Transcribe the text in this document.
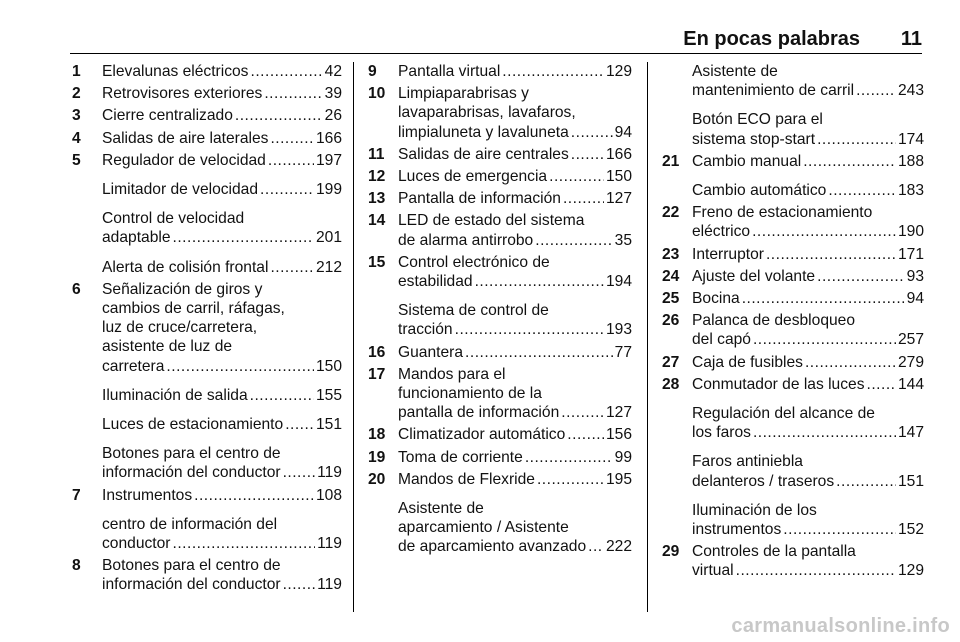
En pocas palabras 11
1 Elevalunas eléctricos .....	42
2 Retrovisores exteriores .....	39
3 Cierre centralizado .....	26
4 Salidas de aire laterales .....	166
5 Regulador de velocidad .....	197
Limitador de velocidad .....	199
Control de velocidad
adaptable .....	201
Alerta de colisión frontal .....	212
6 Señalización de giros y
cambios de carril, ráfagas,
luz de cruce/carretera,
asistente de luz de
carretera .....	150
Iluminación de salida .....	155
Luces de estacionamiento ..... 151
Botones para el centro de
información del conductor ..... 119
7 Instrumentos .....	108
centro de información del
conductor .....	119
8 Botones para el centro de
información del conductor ..... 119
9 Pantalla virtual .....	129
10 Limpiaparabrisas y
lavaparabrisas, lavafaros,
limpialuneta y lavaluneta .....	94
11 Salidas de aire centrales ..... 166
12 Luces de emergencia .....	150
13 Pantalla de información .....	127
14 LED de estado del sistema
de alarma antirrobo .....	35
15 Control electrónico de
estabilidad .....	194
Sistema de control de
tracción .....	193
16 Guantera .....	77
17 Mandos para el
funcionamiento de la
pantalla de información .....	127
18 Climatizador automático .....	156
19 Toma de corriente .....	99
20 Mandos de Flexride .....	195
Asistente de
aparcamiento / Asistente
de aparcamiento avanzado ..... 222
Asistente de
mantenimiento de carril .....	243
Botón ECO para el
sistema stop-start .....	174
21 Cambio manual .....	188
Cambio automático .....	183
22 Freno de estacionamiento
eléctrico .....	190
23 Interruptor .....	171
24 Ajuste del volante .....	93
25 Bocina .....	94
26 Palanca de desbloqueo
del capó .....	257
27 Caja de fusibles .....	279
28 Conmutador de las luces ..... 144
Regulación del alcance de
los faros .....	147
Faros antiniebla
delanteros / traseros .....	151
Iluminación de los
instrumentos .....	152
29 Controles de la pantalla
virtual .....	129
carmanualsonline.info
